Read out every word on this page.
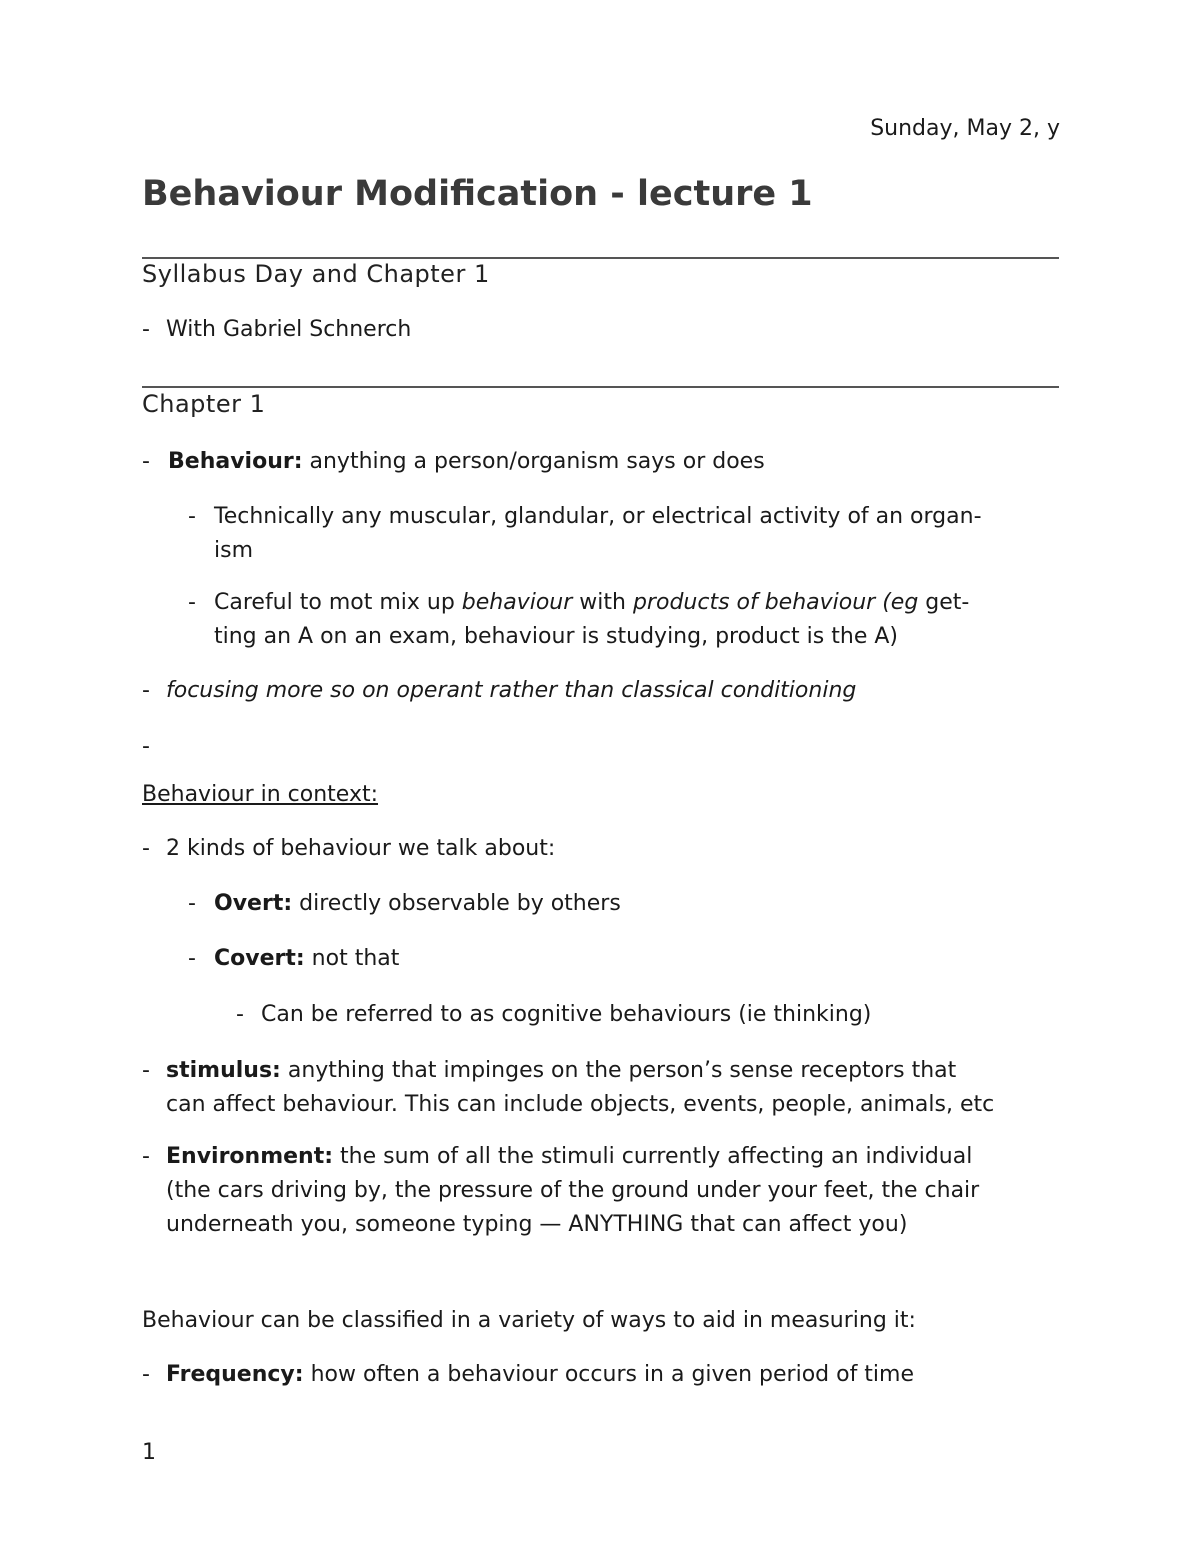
Sunday, May 2, y
Behaviour Modification - lecture 1
Syllabus Day and Chapter 1
- With Gabriel Schnerch
Chapter 1
- Behaviour: anything a person/organism says or does
- Technically any muscular, glandular, or electrical activity of an organ-
ism
- Careful to mot mix up behaviour with products of behaviour (eg get-
ting an A on an exam, behaviour is studying, product is the A)
- focusing more so on operant rather than classical conditioning
-
Behaviour in context:
- 2 kinds of behaviour we talk about:
- Overt: directly observable by others
- Covert: not that
- Can be referred to as cognitive behaviours (ie thinking)
- stimulus: anything that impinges on the person’s sense receptors that
can affect behaviour. This can include objects, events, people, animals, etc
- Environment: the sum of all the stimuli currently affecting an individual
(the cars driving by, the pressure of the ground under your feet, the chair
underneath you, someone typing — ANYTHING that can affect you)
Behaviour can be classified in a variety of ways to aid in measuring it:
- Frequency: how often a behaviour occurs in a given period of time
1
